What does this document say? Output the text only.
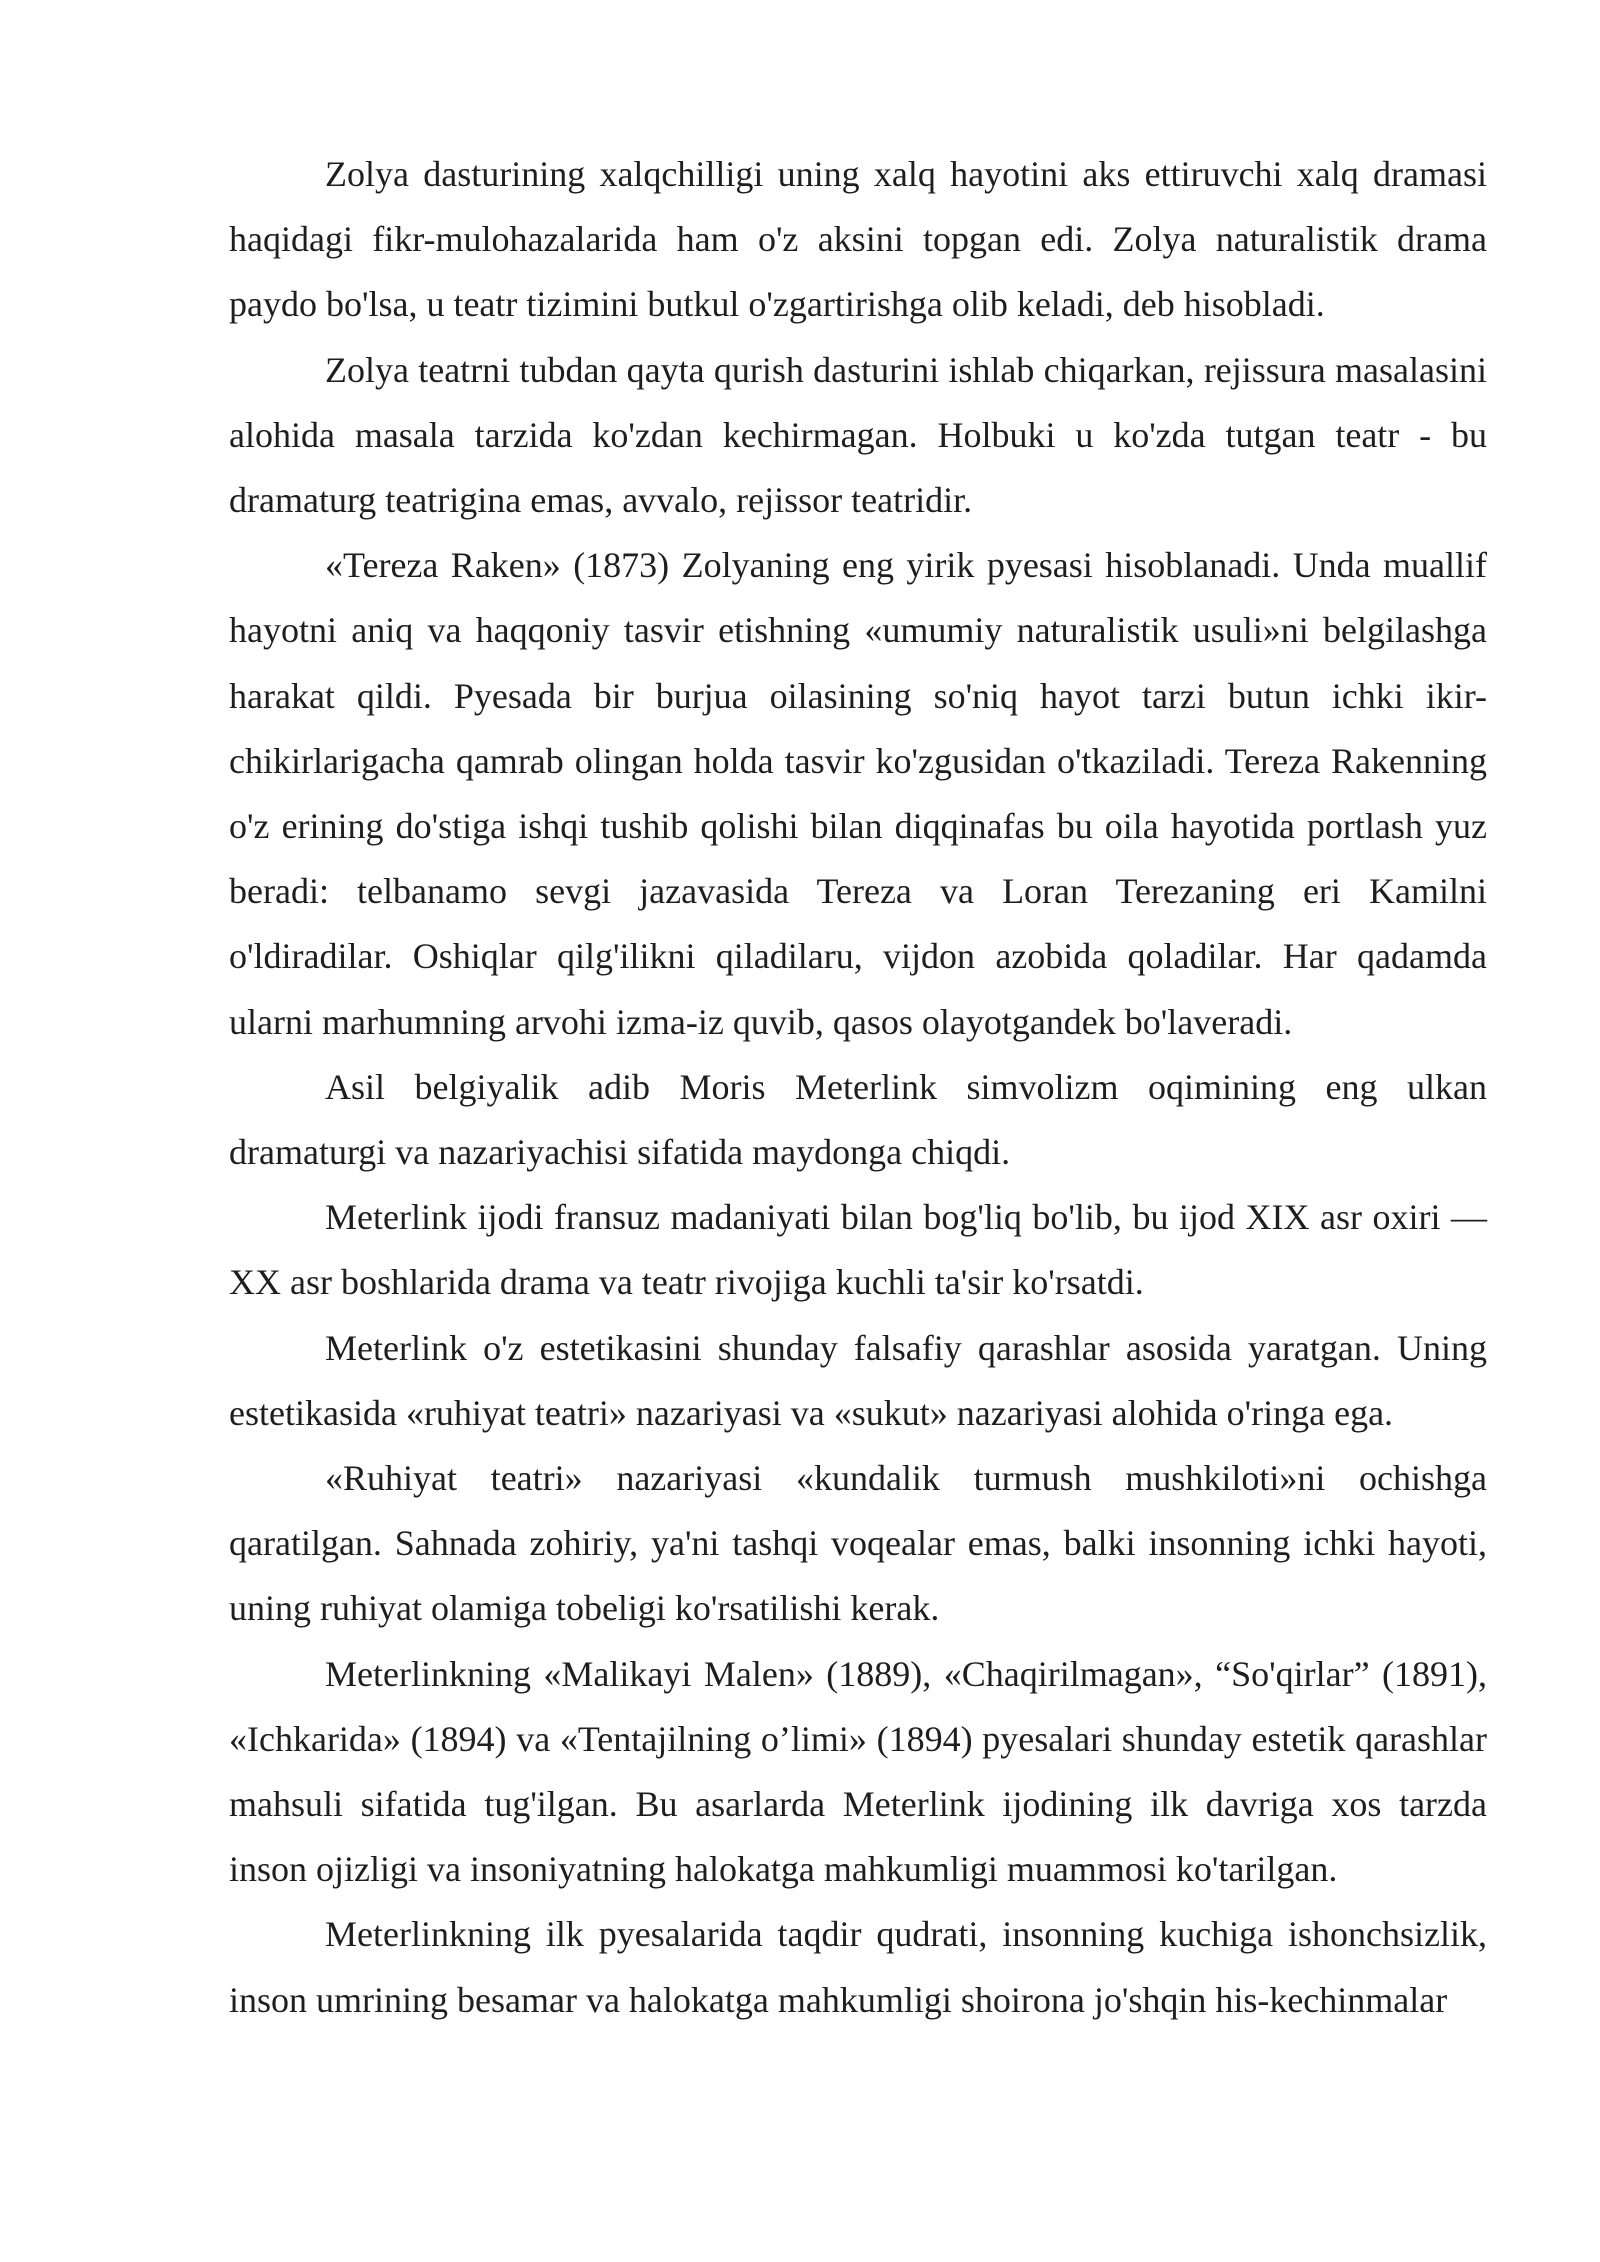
Zolya dasturining xalqchilligi uning xalq hayotini aks ettiruvchi xalq dramasi haqidagi fikr-mulohazalarida ham o'z aksini topgan edi. Zolya naturalistik drama paydo bo'lsa, u teatr tizimini butkul o'zgartirishga olib keladi, deb hisobladi.

Zolya teatrni tubdan qayta qurish dasturini ishlab chiqarkan, rejissura masalasini alohida masala tarzida ko'zdan kechirmagan. Holbuki u ko'zda tutgan teatr - bu dramaturg teatrigina emas, avvalo, rejissor teatridir.

«Tereza Raken» (1873) Zolyaning eng yirik pyesasi hisoblanadi. Unda muallif hayotni aniq va haqqoniy tasvir etishning «umumiy naturalistik usuli»ni belgilashga harakat qildi. Pyesada bir burjua oilasining so'niq hayot tarzi butun ichki ikir-chikirlarigacha qamrab olingan holda tasvir ko'zgusidan o'tkaziladi. Tereza Rakenning o'z erining do'stiga ishqi tushib qolishi bilan diqqinafas bu oila hayotida portlash yuz beradi: telbanamo sevgi jazavasida Tereza va Loran Terezaning eri Kamilni o'ldiradilar. Oshiqlar qilg'ilikni qiladilaru, vijdon azobida qoladilar. Har qadamda ularni marhumning arvohi izma-iz quvib, qasos olayotgandek bo'laveradi.

Asil belgiyalik adib Moris Meterlink simvolizm oqimining eng ulkan dramaturgi va nazariyachisi sifatida maydonga chiqdi.

Meterlink ijodi fransuz madaniyati bilan bog'liq bo'lib, bu ijod XIX asr oxiri — XX asr boshlarida drama va teatr rivojiga kuchli ta'sir ko'rsatdi.

Meterlink o'z estetikasini shunday falsafiy qarashlar asosida yaratgan. Uning estetikasida «ruhiyat teatri» nazariyasi va «sukut» nazariyasi alohida o'ringa ega.

«Ruhiyat teatri» nazariyasi «kundalik turmush mushkiloti»ni ochishga qaratilgan. Sahnada zohiriy, ya'ni tashqi voqealar emas, balki insonning ichki hayoti, uning ruhiyat olamiga tobeligi ko'rsatilishi kerak.

Meterlinkning «Malikayi Malen» (1889), «Chaqirilmagan», “So'qirlar” (1891), «Ichkarida» (1894) va «Tentajilning o’limi» (1894) pyesalari shunday estetik qarashlar mahsuli sifatida tug'ilgan. Bu asarlarda Meterlink ijodining ilk davriga xos tarzda inson ojizligi va insoniyatning halokatga mahkumligi muammosi ko'tarilgan.

Meterlinkning ilk pyesalarida taqdir qudrati, insonning kuchiga ishonchsizlik, inson umrining besamar va halokatga mahkumligi shoirona jo'shqin his-kechinmalar
